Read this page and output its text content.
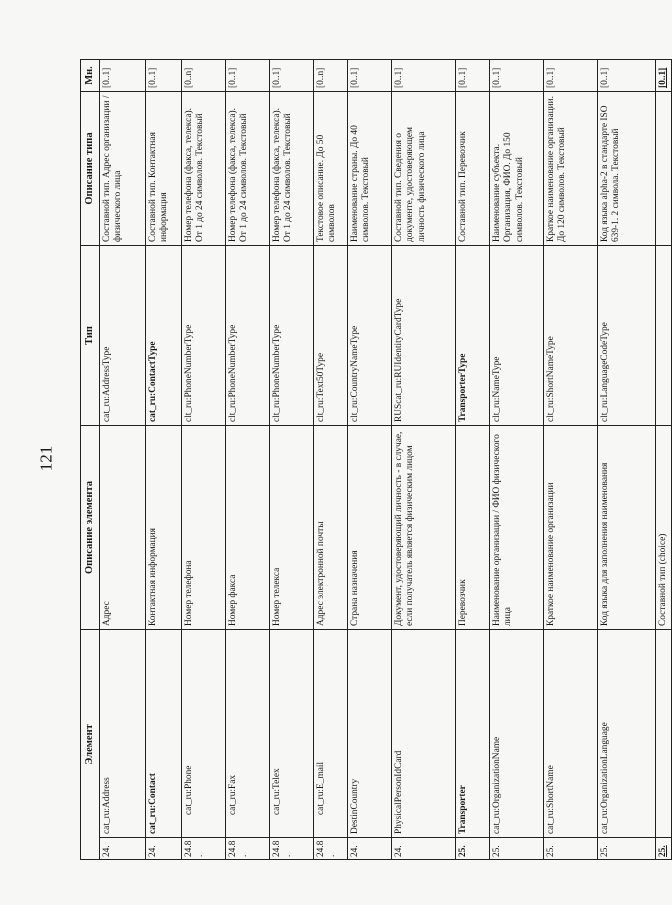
121
Элемент		Описание элемента	Тип	Описание типа	Мн.
24.	cat_ru:Address	Адрес	cat_ru:AddressType	Составной тип. Адрес организации / физического лица	[0..1]
24.	cat_ru:Contact	Контактная информация	cat_ru:ContactType	Составной тип. Контактная информация	[0..1]
24.8.	cat_ru:Phone	Номер телефона	clt_ru:PhoneNumberType	Номер телефона (факса, телекса). От 1 до 24 символов. Текстовый	[0..n]
24.8.	cat_ru:Fax	Номер факса	clt_ru:PhoneNumberType	Номер телефона (факса, телекса). От 1 до 24 символов. Текстовый	[0..1]
24.8.	cat_ru:Telex	Номер телекса	clt_ru:PhoneNumberType	Номер телефона (факса, телекса). От 1 до 24 символов. Текстовый	[0..1]
24.8.	cat_ru:E_mail	Адрес электронной почты	clt_ru:Text50Type	Текстовое описание. До 50 символов	[0..n]
24.	DestinCountry	Страна назначения	clt_ru:CountryNameType	Наименование страны. До 40 символов. Текстовый	[0..1]
24.	PhysicalPersonIdCard	Документ, удостоверяющий личность - в случае, если получатель является физическим лицом	RUScat_ru:RUIdentityCardType	Составной тип. Сведения о документе, удостоверяющем личность физического лица	[0..1]
25.	Transporter	Перевозчик	TransporterType	Составной тип. Перевозчик	[0..1]
25.	cat_ru:OrganizationName	Наименование организации / ФИО физического лица	clt_ru:NameType	Наименование субъекта. Организация, ФИО. До 150 символов. Текстовый	[0..1]
25.	cat_ru:ShortName	Краткое наименование организации	clt_ru:ShortNameType	Краткое наименование организации. До 120 символов. Текстовый	[0..1]
25.	cat_ru:OrganizationLanguage	Код языка для заполнения наименования	clt_ru:LanguageCodeType	Код языка alpha-2 в стандарте ISO 639-1. 2 символа. Текстовый	[0..1]
25.		Составной тип (choice)			[0..1]
